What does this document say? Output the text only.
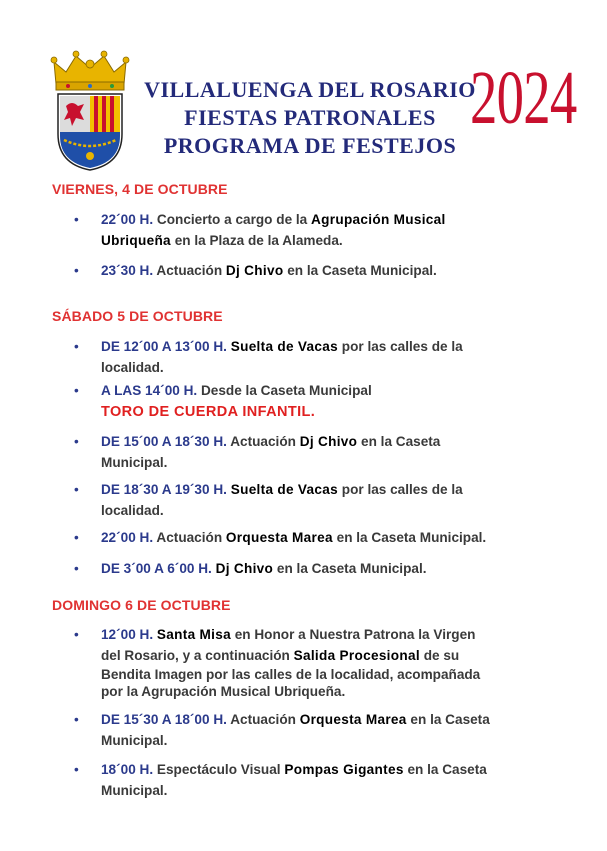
VILLALUENGA DEL ROSARIO
FIESTAS PATRONALES
PROGRAMA DE FESTEJOS
2024
VIERNES, 4 DE OCTUBRE
• 22´00 H. Concierto a cargo de la Agrupación Musical
Ubriqueña en la Plaza de la Alameda.
• 23´30 H. Actuación Dj Chivo en la Caseta Municipal.
SÁBADO 5 DE OCTUBRE
• DE 12´00 A 13´00 H. Suelta de Vacas por las calles de la
localidad.
• A LAS 14´00 H. Desde la Caseta Municipal
TORO DE CUERDA INFANTIL.
• DE 15´00 A 18´30 H. Actuación Dj Chivo en la Caseta
Municipal.
• DE 18´30 A 19´30 H. Suelta de Vacas por las calles de la
localidad.
• 22´00 H. Actuación Orquesta Marea en la Caseta Municipal.
• DE 3´00 A 6´00 H. Dj Chivo en la Caseta Municipal.
DOMINGO 6 DE OCTUBRE
• 12´00 H. Santa Misa en Honor a Nuestra Patrona la Virgen
del Rosario, y a continuación Salida Procesional de su

Bendita Imagen por las calles de la localidad, acompañada
por la Agrupación Musical Ubriqueña.
• DE 15´30 A 18´00 H. Actuación Orquesta Marea en la Caseta
Municipal.
• 18´00 H. Espectáculo Visual Pompas Gigantes en la Caseta
Municipal.
